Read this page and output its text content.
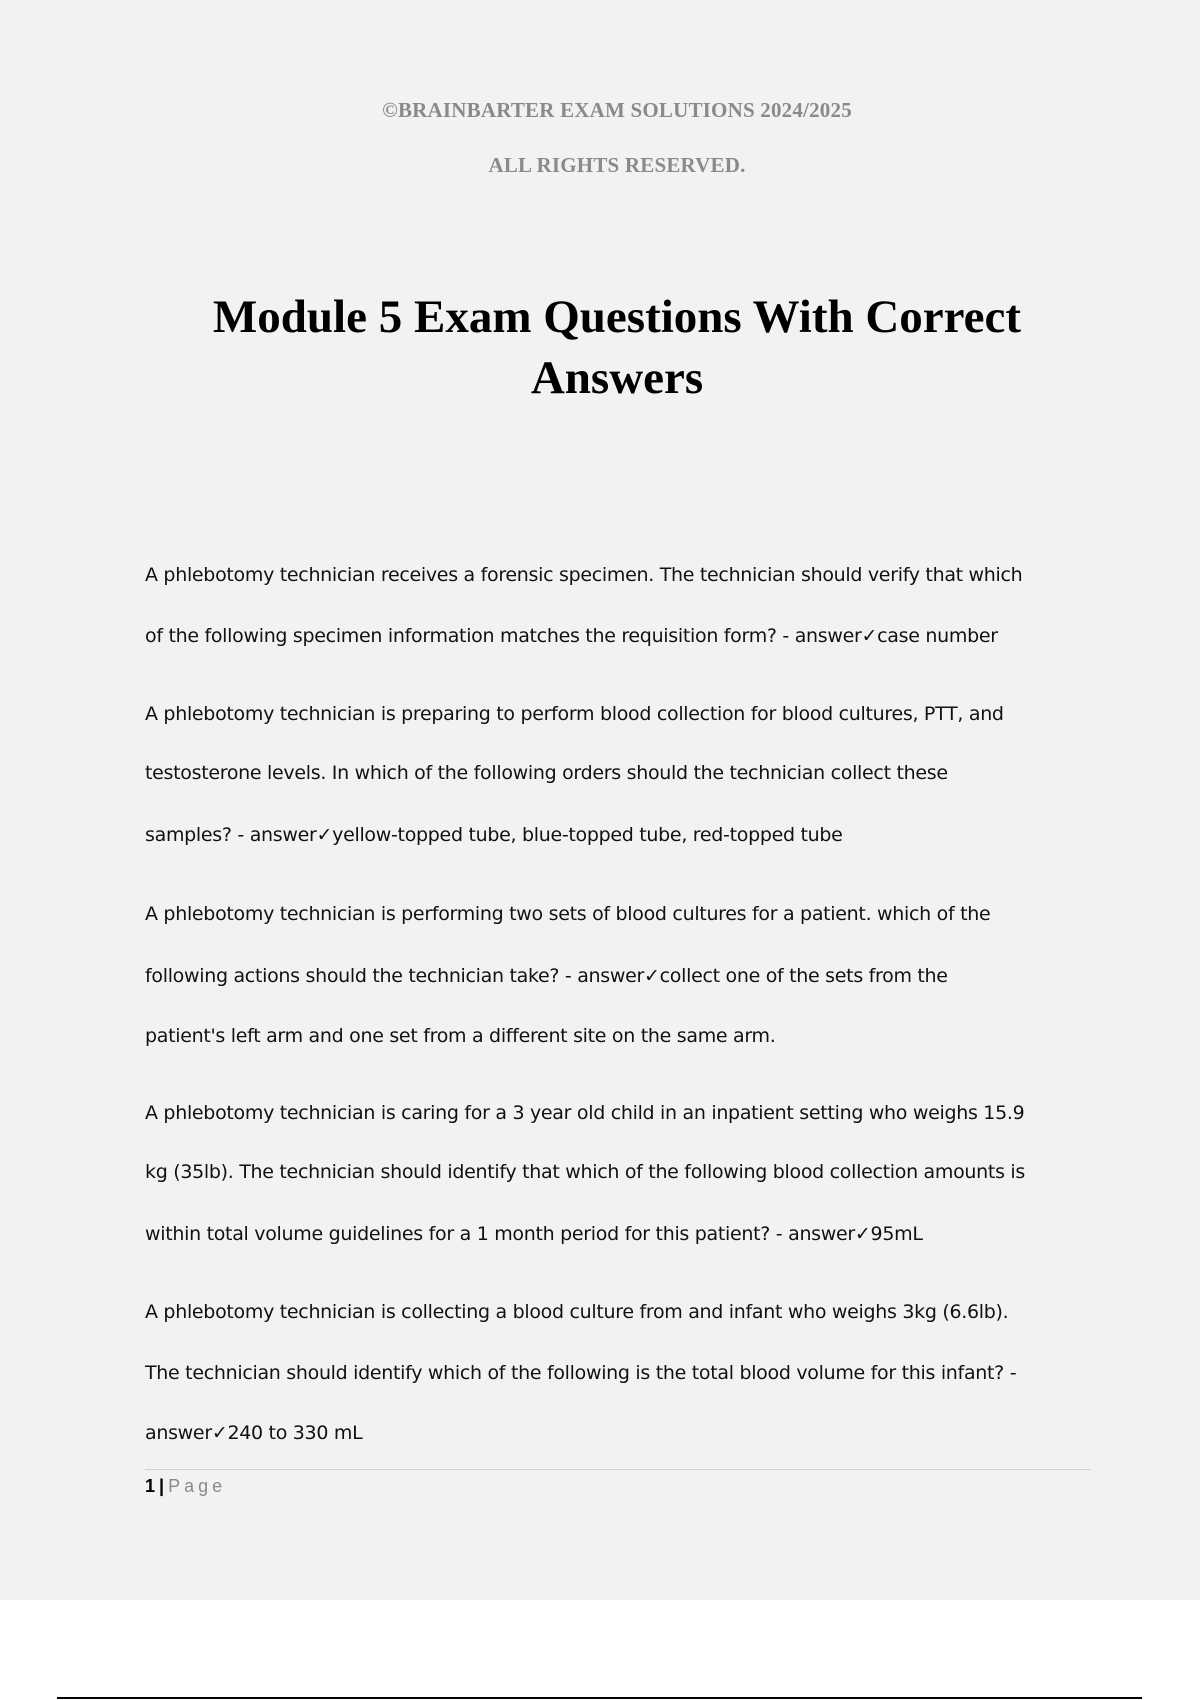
©BRAINBARTER EXAM SOLUTIONS 2024/2025
ALL RIGHTS RESERVED.
Module 5 Exam Questions With Correct
Answers
A phlebotomy technician receives a forensic specimen. The technician should verify that which
of the following specimen information matches the requisition form? - answer✓case number
A phlebotomy technician is preparing to perform blood collection for blood cultures, PTT, and
testosterone levels. In which of the following orders should the technician collect these
samples? - answer✓yellow-topped tube, blue-topped tube, red-topped tube
A phlebotomy technician is performing two sets of blood cultures for a patient. which of the
following actions should the technician take? - answer✓collect one of the sets from the
patient's left arm and one set from a different site on the same arm.
A phlebotomy technician is caring for a 3 year old child in an inpatient setting who weighs 15.9
kg (35lb). The technician should identify that which of the following blood collection amounts is
within total volume guidelines for a 1 month period for this patient? - answer✓95mL
A phlebotomy technician is collecting a blood culture from and infant who weighs 3kg (6.6lb).
The technician should identify which of the following is the total blood volume for this infant? -
answer✓240 to 330 mL
1 | Page
